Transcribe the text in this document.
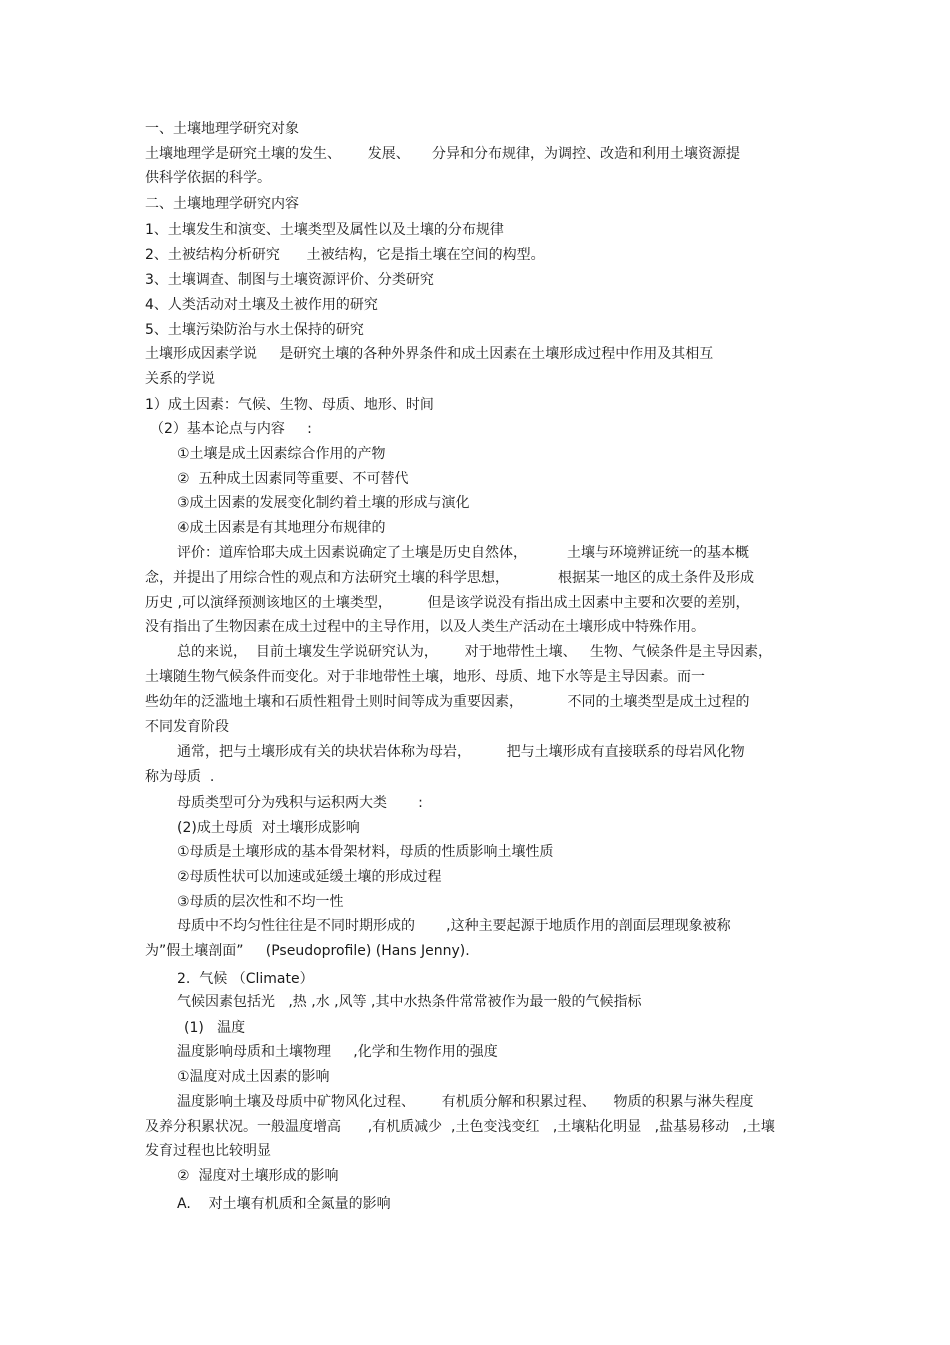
一、土壤地理学研究对象

土壤地理学是研究土壤的发生、      发展、     分异和分布规律，为调控、改造和利用土壤资源提

供科学依据的科学。

二、土壤地理学研究内容

1、土壤发生和演变、土壤类型及属性以及土壤的分布规律

2、土被结构分析研究      土被结构，它是指土壤在空间的构型。

3、土壤调查、制图与土壤资源评价、分类研究

4、人类活动对土壤及土被作用的研究

5、土壤污染防治与水土保持的研究

土壤形成因素学说     是研究土壤的各种外界条件和成土因素在土壤形成过程中作用及其相互

关系的学说

1）成土因素：气候、生物、母质、地形、时间

（2）基本论点与内容     :

①土壤是成土因素综合作用的产物

②  五种成土因素同等重要、不可替代

③成土因素的发展变化制约着土壤的形成与演化

④成土因素是有其地理分布规律的

评价：道库恰耶夫成土因素说确定了土壤是历史自然体，         土壤与环境辨证统一的基本概

念，并提出了用综合性的观点和方法研究土壤的科学思想，           根据某一地区的成土条件及形成

历史 ,可以演绎预测该地区的土壤类型，        但是该学说没有指出成土因素中主要和次要的差别，

没有指出了生物因素在成土过程中的主导作用，以及人类生产活动在土壤形成中特殊作用。

总的来说，  目前土壤发生学说研究认为，      对于地带性土壤、   生物、气候条件是主导因素，

土壤随生物气候条件而变化。对于非地带性土壤，地形、母质、地下水等是主导因素。而一

些幼年的泛滥地土壤和石质性粗骨土则时间等成为重要因素，          不同的土壤类型是成土过程的

不同发育阶段

通常，把与土壤形成有关的块状岩体称为母岩，        把与土壤形成有直接联系的母岩风化物

称为母质  .

母质类型可分为残积与运积两大类       :

(2)成土母质  对土壤形成影响

①母质是土壤形成的基本骨架材料，母质的性质影响土壤性质

②母质性状可以加速或延缓土壤的形成过程

③母质的层次性和不均一性

母质中不均匀性往往是不同时期形成的       ,这种主要起源于地质作用的剖面层理现象被称

为”假土壤剖面”     (Pseudoprofile) (Hans Jenny).

2.  气候 （Climate）

气候因素包括光   ,热 ,水 ,风等 ,其中水热条件常常被作为最一般的气候指标

(1)   温度

温度影响母质和土壤物理     ,化学和生物作用的强度

①温度对成土因素的影响

温度影响土壤及母质中矿物风化过程、      有机质分解和积累过程、    物质的积累与淋失程度

及养分积累状况。一般温度增高      ,有机质减少  ,土色变浅变红   ,土壤粘化明显   ,盐基易移动   ,土壤

发育过程也比较明显

②  湿度对土壤形成的影响

A.    对土壤有机质和全氮量的影响
